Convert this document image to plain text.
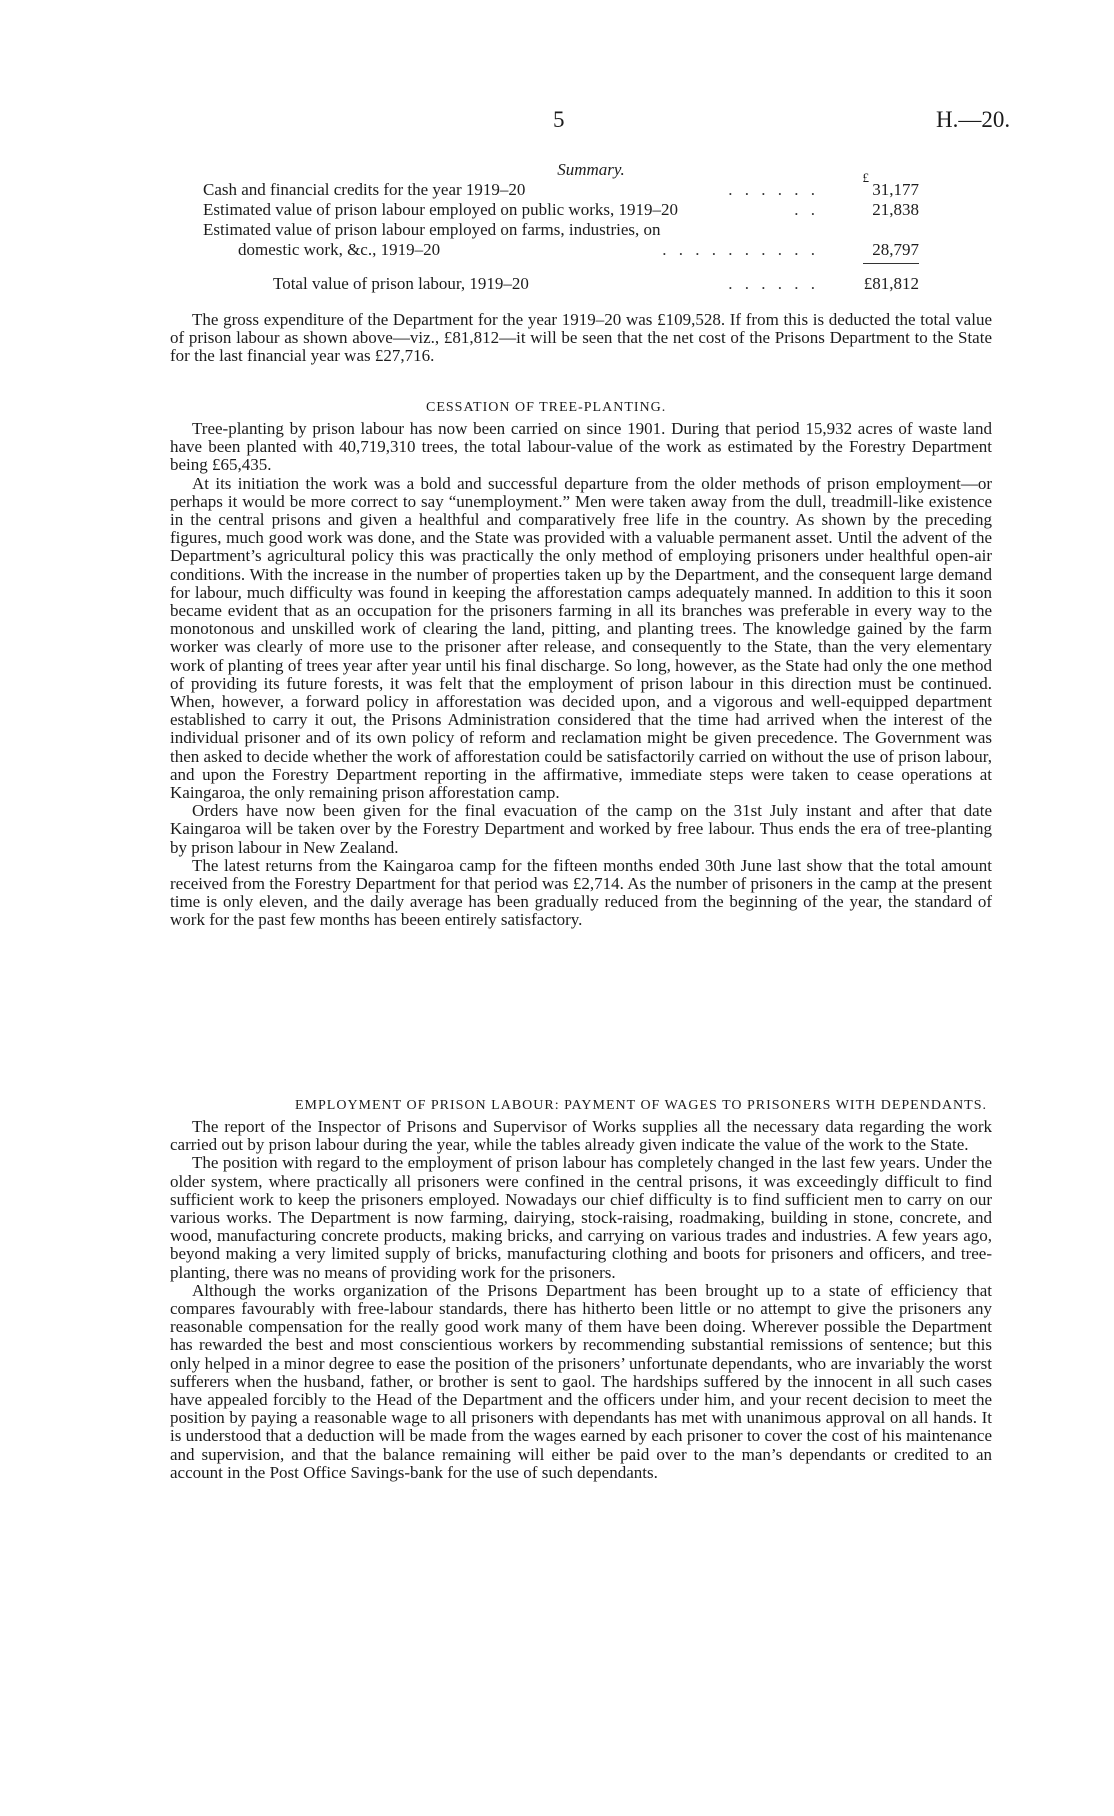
5	H.—20.
Summary.	£
Cash and financial credits for the year 1919–20	. . . . . .	31,177
Estimated value of prison labour employed on public works, 1919–20	. .	21,838
Estimated value of prison labour employed on farms, industries, on
domestic work, &c., 1919–20	. . . . . . . . . .	28,797
Total value of prison labour, 1919–20	. . . . . .	£81,812

The gross expenditure of the Department for the year 1919–20 was £109,528. If from this is deducted the total value of prison labour as shown above—viz., £81,812—it will be seen that the net cost of the Prisons Department to the State for the last financial year was £27,716.

CESSATION OF TREE-PLANTING.

Tree-planting by prison labour has now been carried on since 1901. During that period 15,932 acres of waste land have been planted with 40,719,310 trees, the total labour-value of the work as estimated by the Forestry Department being £65,435.

At its initiation the work was a bold and successful departure from the older methods of prison employment—or perhaps it would be more correct to say “unemployment.” Men were taken away from the dull, treadmill-like existence in the central prisons and given a healthful and comparatively free life in the country. As shown by the preceding figures, much good work was done, and the State was provided with a valuable permanent asset. Until the advent of the Department’s agricultural policy this was practically the only method of employing prisoners under healthful open-air conditions. With the increase in the number of properties taken up by the Department, and the consequent large demand for labour, much difficulty was found in keeping the afforestation camps adequately manned. In addition to this it soon became evident that as an occupation for the prisoners farming in all its branches was preferable in every way to the monotonous and unskilled work of clearing the land, pitting, and planting trees. The knowledge gained by the farm worker was clearly of more use to the prisoner after release, and consequently to the State, than the very elementary work of planting of trees year after year until his final discharge. So long, however, as the State had only the one method of providing its future forests, it was felt that the employment of prison labour in this direction must be continued. When, however, a forward policy in afforestation was decided upon, and a vigorous and well-equipped department established to carry it out, the Prisons Administration considered that the time had arrived when the interest of the individual prisoner and of its own policy of reform and reclamation might be given precedence. The Government was then asked to decide whether the work of afforestation could be satisfactorily carried on without the use of prison labour, and upon the Forestry Department reporting in the affirmative, immediate steps were taken to cease operations at Kaingaroa, the only remaining prison afforestation camp.

Orders have now been given for the final evacuation of the camp on the 31st July instant and after that date Kaingaroa will be taken over by the Forestry Department and worked by free labour. Thus ends the era of tree-planting by prison labour in New Zealand.

The latest returns from the Kaingaroa camp for the fifteen months ended 30th June last show that the total amount received from the Forestry Department for that period was £2,714. As the number of prisoners in the camp at the present time is only eleven, and the daily average has been gradually reduced from the beginning of the year, the standard of work for the past few months has beeen entirely satisfactory.

EMPLOYMENT OF PRISON LABOUR: PAYMENT OF WAGES TO PRISONERS WITH DEPENDANTS.

The report of the Inspector of Prisons and Supervisor of Works supplies all the necessary data regarding the work carried out by prison labour during the year, while the tables already given indicate the value of the work to the State.

The position with regard to the employment of prison labour has completely changed in the last few years. Under the older system, where practically all prisoners were confined in the central prisons, it was exceedingly difficult to find sufficient work to keep the prisoners employed. Nowadays our chief difficulty is to find sufficient men to carry on our various works. The Department is now farming, dairying, stock-raising, roadmaking, building in stone, concrete, and wood, manufacturing concrete products, making bricks, and carrying on various trades and industries. A few years ago, beyond making a very limited supply of bricks, manufacturing clothing and boots for prisoners and officers, and tree-planting, there was no means of providing work for the prisoners.

Although the works organization of the Prisons Department has been brought up to a state of efficiency that compares favourably with free-labour standards, there has hitherto been little or no attempt to give the prisoners any reasonable compensation for the really good work many of them have been doing. Wherever possible the Department has rewarded the best and most conscientious workers by recommending substantial remissions of sentence; but this only helped in a minor degree to ease the position of the prisoners’ unfortunate dependants, who are invariably the worst sufferers when the husband, father, or brother is sent to gaol. The hardships suffered by the innocent in all such cases have appealed forcibly to the Head of the Department and the officers under him, and your recent decision to meet the position by paying a reasonable wage to all prisoners with dependants has met with unanimous approval on all hands. It is understood that a deduction will be made from the wages earned by each prisoner to cover the cost of his maintenance and supervision, and that the balance remaining will either be paid over to the man’s dependants or credited to an account in the Post Office Savings-bank for the use of such dependants.
